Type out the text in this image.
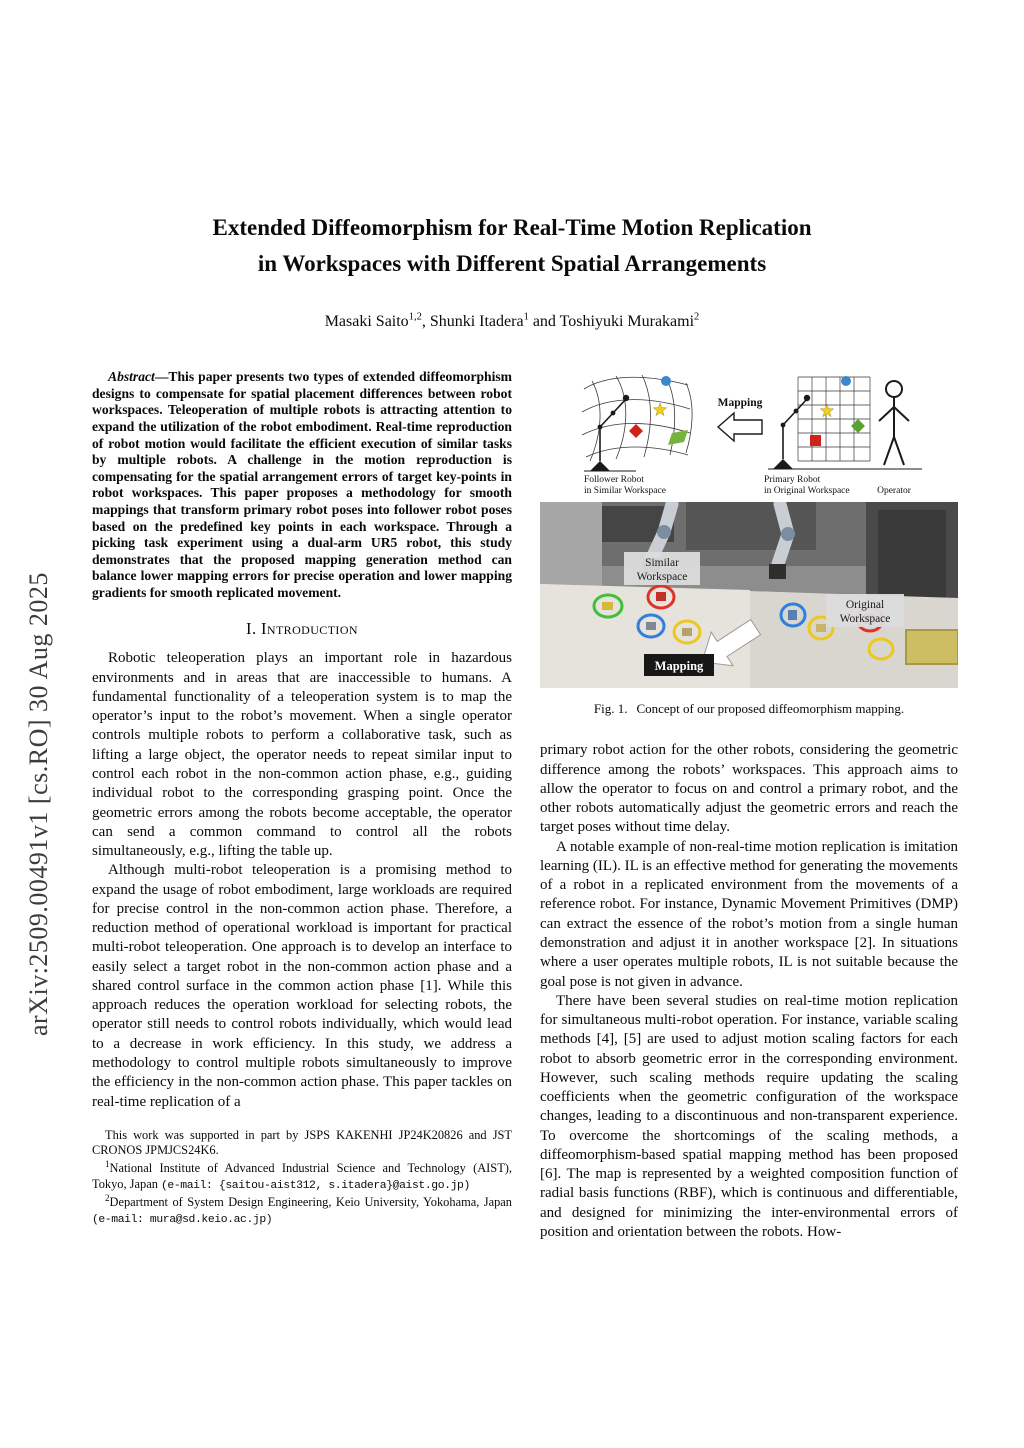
arXiv:2509.00491v1 [cs.RO] 30 Aug 2025
Extended Diffeomorphism for Real-Time Motion Replication
in Workspaces with Different Spatial Arrangements
Masaki Saito$^{1,2}$, Shunki Itadera$^1$ and Toshiyuki Murakami$^2$

Abstract—This paper presents two types of extended diffeomorphism designs to compensate for spatial placement differences between robot workspaces. Teleoperation of multiple robots is attracting attention to expand the utilization of the robot embodiment. Real-time reproduction of robot motion would facilitate the efficient execution of similar tasks by multiple robots. A challenge in the motion reproduction is compensating for the spatial arrangement errors of target key-points in robot workspaces. This paper proposes a methodology for smooth mappings that transform primary robot poses into follower robot poses based on the predefined key points in each workspace. Through a picking task experiment using a dual-arm UR5 robot, this study demonstrates that the proposed mapping generation method can balance lower mapping errors for precise operation and lower mapping gradients for smooth replicated movement.

I. Introduction

Robotic teleoperation plays an important role in hazardous environments and in areas that are inaccessible to humans. A fundamental functionality of a teleoperation system is to map the operator’s input to the robot’s movement. When a single operator controls multiple robots to perform a collaborative task, such as lifting a large object, the operator needs to repeat similar input to control each robot in the non-common action phase, e.g., guiding individual robot to the corresponding grasping point. Once the geometric errors among the robots become acceptable, the operator can send a common command to control all the robots simultaneously, e.g., lifting the table up.

Although multi-robot teleoperation is a promising method to expand the usage of robot embodiment, large workloads are required for precise control in the non-common action phase. Therefore, a reduction method of operational workload is important for practical multi-robot teleoperation. One approach is to develop an interface to easily select a target robot in the non-common action phase and a shared control surface in the common action phase [1]. While this approach reduces the operation workload for selecting robots, the operator still needs to control robots individually, which would lead to a decrease in work efficiency. In this study, we address a methodology to control multiple robots simultaneously to improve the efficiency in the non-common action phase. This paper tackles on real-time replication of a

This work was supported in part by JSPS KAKENHI JP24K20826 and JST CRONOS JPMJCS24K6.

$^1$National Institute of Advanced Industrial Science and Technology (AIST), Tokyo, Japan (e-mail: {saitou-aist312, s.itadera}@aist.go.jp)

$^2$Department of System Design Engineering, Keio University, Yokohama, Japan (e-mail: mura@sd.keio.ac.jp)

Mapping
Follower Robot
in Similar Workspace
Primary Robot
in Original Workspace	Operator
Similar
Workspace
Original
Workspace
Mapping
Fig. 1. Concept of our proposed diffeomorphism mapping.

primary robot action for the other robots, considering the geometric difference among the robots’ workspaces. This approach aims to allow the operator to focus on and control a primary robot, and the other robots automatically adjust the geometric errors and reach the target poses without time delay.

A notable example of non-real-time motion replication is imitation learning (IL). IL is an effective method for generating the movements of a robot in a replicated environment from the movements of a reference robot. For instance, Dynamic Movement Primitives (DMP) can extract the essence of the robot’s motion from a single human demonstration and adjust it in another workspace [2]. In situations where a user operates multiple robots, IL is not suitable because the goal pose is not given in advance.

There have been several studies on real-time motion replication for simultaneous multi-robot operation. For instance, variable scaling methods [4], [5] are used to adjust motion scaling factors for each robot to absorb geometric error in the corresponding environment. However, such scaling methods require updating the scaling coefficients when the geometric configuration of the workspace changes, leading to a discontinuous and non-transparent experience. To overcome the shortcomings of the scaling methods, a diffeomorphism-based spatial mapping method has been proposed [6]. The map is represented by a weighted composition function of radial basis functions (RBF), which is continuous and differentiable, and designed for minimizing the inter-environmental errors of position and orientation between the robots. How-
